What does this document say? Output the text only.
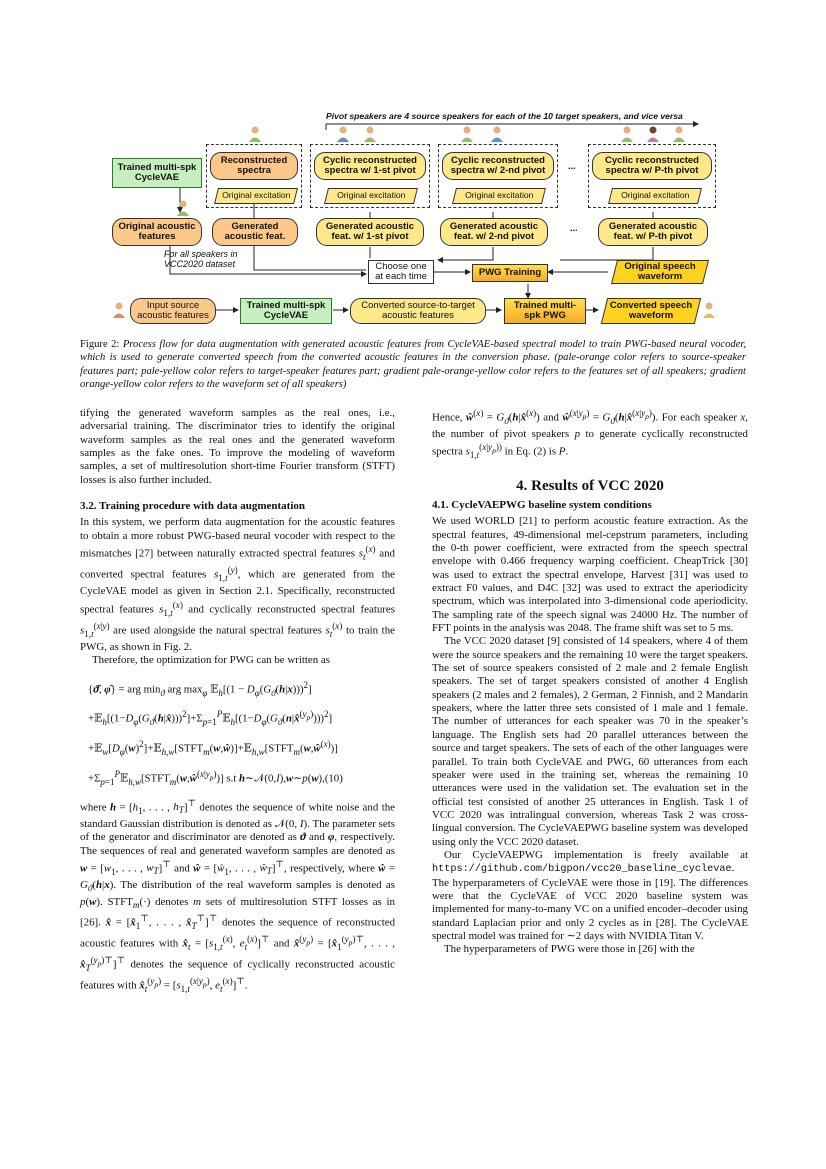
Pivot speakers are 4 source speakers for each of the 10 target speakers, and vice versa
Trained multi-spk CycleVAE
Reconstructed spectra
Cyclic reconstructed spectra w/ 1-st pivot
Cyclic reconstructed spectra w/ 2-nd pivot
Cyclic reconstructed spectra w/ P-th pivot
...
Original excitation	Original excitation	Original excitation	Original excitation
Original acoustic features
Generated acoustic feat.
Generated acoustic feat. w/ 1-st pivot
Generated acoustic feat. w/ 2-nd pivot
Generated acoustic feat. w/ P-th pivot
...
For all speakers in VCC2020 dataset	Choose one at each time	PWG Training
Original speech waveform
Input source acoustic features
Trained multi-spk CycleVAE
Converted source-to-target acoustic features
Trained multi-spk PWG
Converted speech waveform
Figure 2: Process flow for data augmentation with generated acoustic features from CycleVAE-based spectral model to train PWG-based neural vocoder, which is used to generate converted speech from the converted acoustic features in the conversion phase. (pale-orange color refers to source-speaker features part; pale-yellow color refers to target-speaker features part; gradient pale-orange-yellow color refers to the features set of all speakers; gradient orange-yellow color refers to the waveform set of all speakers)

tifying the generated waveform samples as the real ones, i.e., adversarial training. The discriminator tries to identify the original waveform samples as the real ones and the generated waveform samples as the fake ones. To improve the modeling of waveform samples, a set of multiresolution short-time Fourier transform (STFT) losses is also further included.

3.2. Training procedure with data augmentation

In this system, we perform data augmentation for the acoustic features to obtain a more robust PWG-based neural vocoder with respect to the mismatches [27] between naturally extracted spectral features $s_t^{(x)}$ and converted spectral features $s_{1,t}^{(y)}$, which are generated from the CycleVAE model as given in Section 2.1. Specifically, reconstructed spectral features $s_{1,t}^{(x)}$ and cyclically reconstructed spectral features $s_{1,t}^{(x|y)}$ are used alongside the natural spectral features $s_t^{(x)}$ to train the PWG, as shown in Fig. 2.

Therefore, the optimization for PWG can be written as

{ϑ̂, φ̂} = arg $\min_ϑ$ arg $\max_\varphi$ 𝔼$_h$[(1 − $D_\varphi(G_ϑ(h|x)))^2$]
$+𝔼_h[(1-D_\varphi(G_ϑ(h|x̂)))^2]+\Sigma_{p=1}^P𝔼_h[(1-D_\varphi(G_ϑ(n|x̂^{(y_p)})))^2]$
$+𝔼_w[D_\varphi(w)^2]+𝔼_{h,w}[STFT_m(w,ŵ)]+𝔼_{h,w}[STFT_m(w,ŵ^{(x)})]$
$+\Sigma_{p=1}^P𝔼_{h,w}[STFT_m(w,ŵ^{(x|y_p)})]$ s.t h∼𝒩(0,I),w∼p(w),(10)

where $h = [h_1$, . . . , $h_T]^⊤$ denotes the sequence of white noise and the standard Gaussian distribution is denoted as 𝒩(0, I). The parameter sets of the generator and discriminator are denoted as ϑ and φ, respectively. The sequences of real and generated waveform samples are denoted as $w = [w_1$, . . . , $w_T]^⊤$ and ŵ = [$ŵ_1$, . . . , $ŵ_T]^⊤$, respectively, where ŵ = $G_ϑ(h|x)$. The distribution of the real waveform samples is denoted as p(w). $STFT_m(\cdot)$ denotes m sets of multiresolution STFT losses as in [26]. x̂ = [$x̂_1^⊤$, . . . , $x̂_T^⊤]^⊤$ denotes the sequence of reconstructed acoustic features with $x̂_t = [s_{1,t}^{(x)}$, $e_t^{(x)}]^⊤$ and x̂$^{(y_p)}$ = [$x̂_1^{(y_p)⊤}$, . . . , $x̂_T^{(y_p)⊤}]^⊤$ denotes the sequence of cyclically reconstructed acoustic features with $x̂_t^{(y_p)} = [s_{1,t}^{(x|y_p)}$, $e_t^{(x)}]^⊤$.

Hence, $ŵ^{(x)}$ = $G_ϑ(h|x̂^{(x)})$ and $ŵ^{(x|y_p)}$ = $G_ϑ(h|x̂^{(x|y_p)})$. For each speaker x, the number of pivot speakers p to generate cyclically reconstructed spectra $s_{1,t}^{(x|y_p))}$ in Eq. (2) is P.

4. Results of VCC 2020

4.1. CycleVAEPWG baseline system conditions

We used WORLD [21] to perform acoustic feature extraction. As the spectral features, 49-dimensional mel-cepstrum parameters, including the 0-th power coefficient, were extracted from the speech spectral envelope with 0.466 frequency warping coefficient. CheapTrick [30] was used to extract the spectral envelope, Harvest [31] was used to extract F0 values, and D4C [32] was used to extract the aperiodicity spectrum, which was interpolated into 3-dimensional code aperiodicity. The sampling rate of the speech signal was 24000 Hz. The number of FFT points in the analysis was 2048. The frame shift was set to 5 ms.

The VCC 2020 dataset [9] consisted of 14 speakers, where 4 of them were the source speakers and the remaining 10 were the target speakers. The set of source speakers consisted of 2 male and 2 female English speakers. The set of target speakers consisted of another 4 English speakers (2 males and 2 females), 2 German, 2 Finnish, and 2 Mandarin speakers, where the latter three sets consisted of 1 male and 1 female. The number of utterances for each speaker was 70 in the speaker’s language. The English sets had 20 parallel utterances between the source and target speakers. The sets of each of the other languages were parallel. To train both CycleVAE and PWG, 60 utterances from each speaker were used in the training set, whereas the remaining 10 utterances were used in the validation set. The evaluation set in the official test consisted of another 25 utterances in English. Task 1 of VCC 2020 was intralingual conversion, whereas Task 2 was cross-lingual conversion. The CycleVAEPWG baseline system was developed using only the VCC 2020 dataset.

Our CycleVAEPWG implementation is freely available at https://github.com/bigpon/vcc20_baseline_cyclevae. The hyperparameters of CycleVAE were those in [19]. The differences were that the CycleVAE of VCC 2020 baseline system was implemented for many-to-many VC on a unified encoder–decoder using standard Laplacian prior and only 2 cycles as in [28]. The CycleVAE spectral model was trained for ∼2 days with NVIDIA Titan V.

The hyperparameters of PWG were those in [26] with the
